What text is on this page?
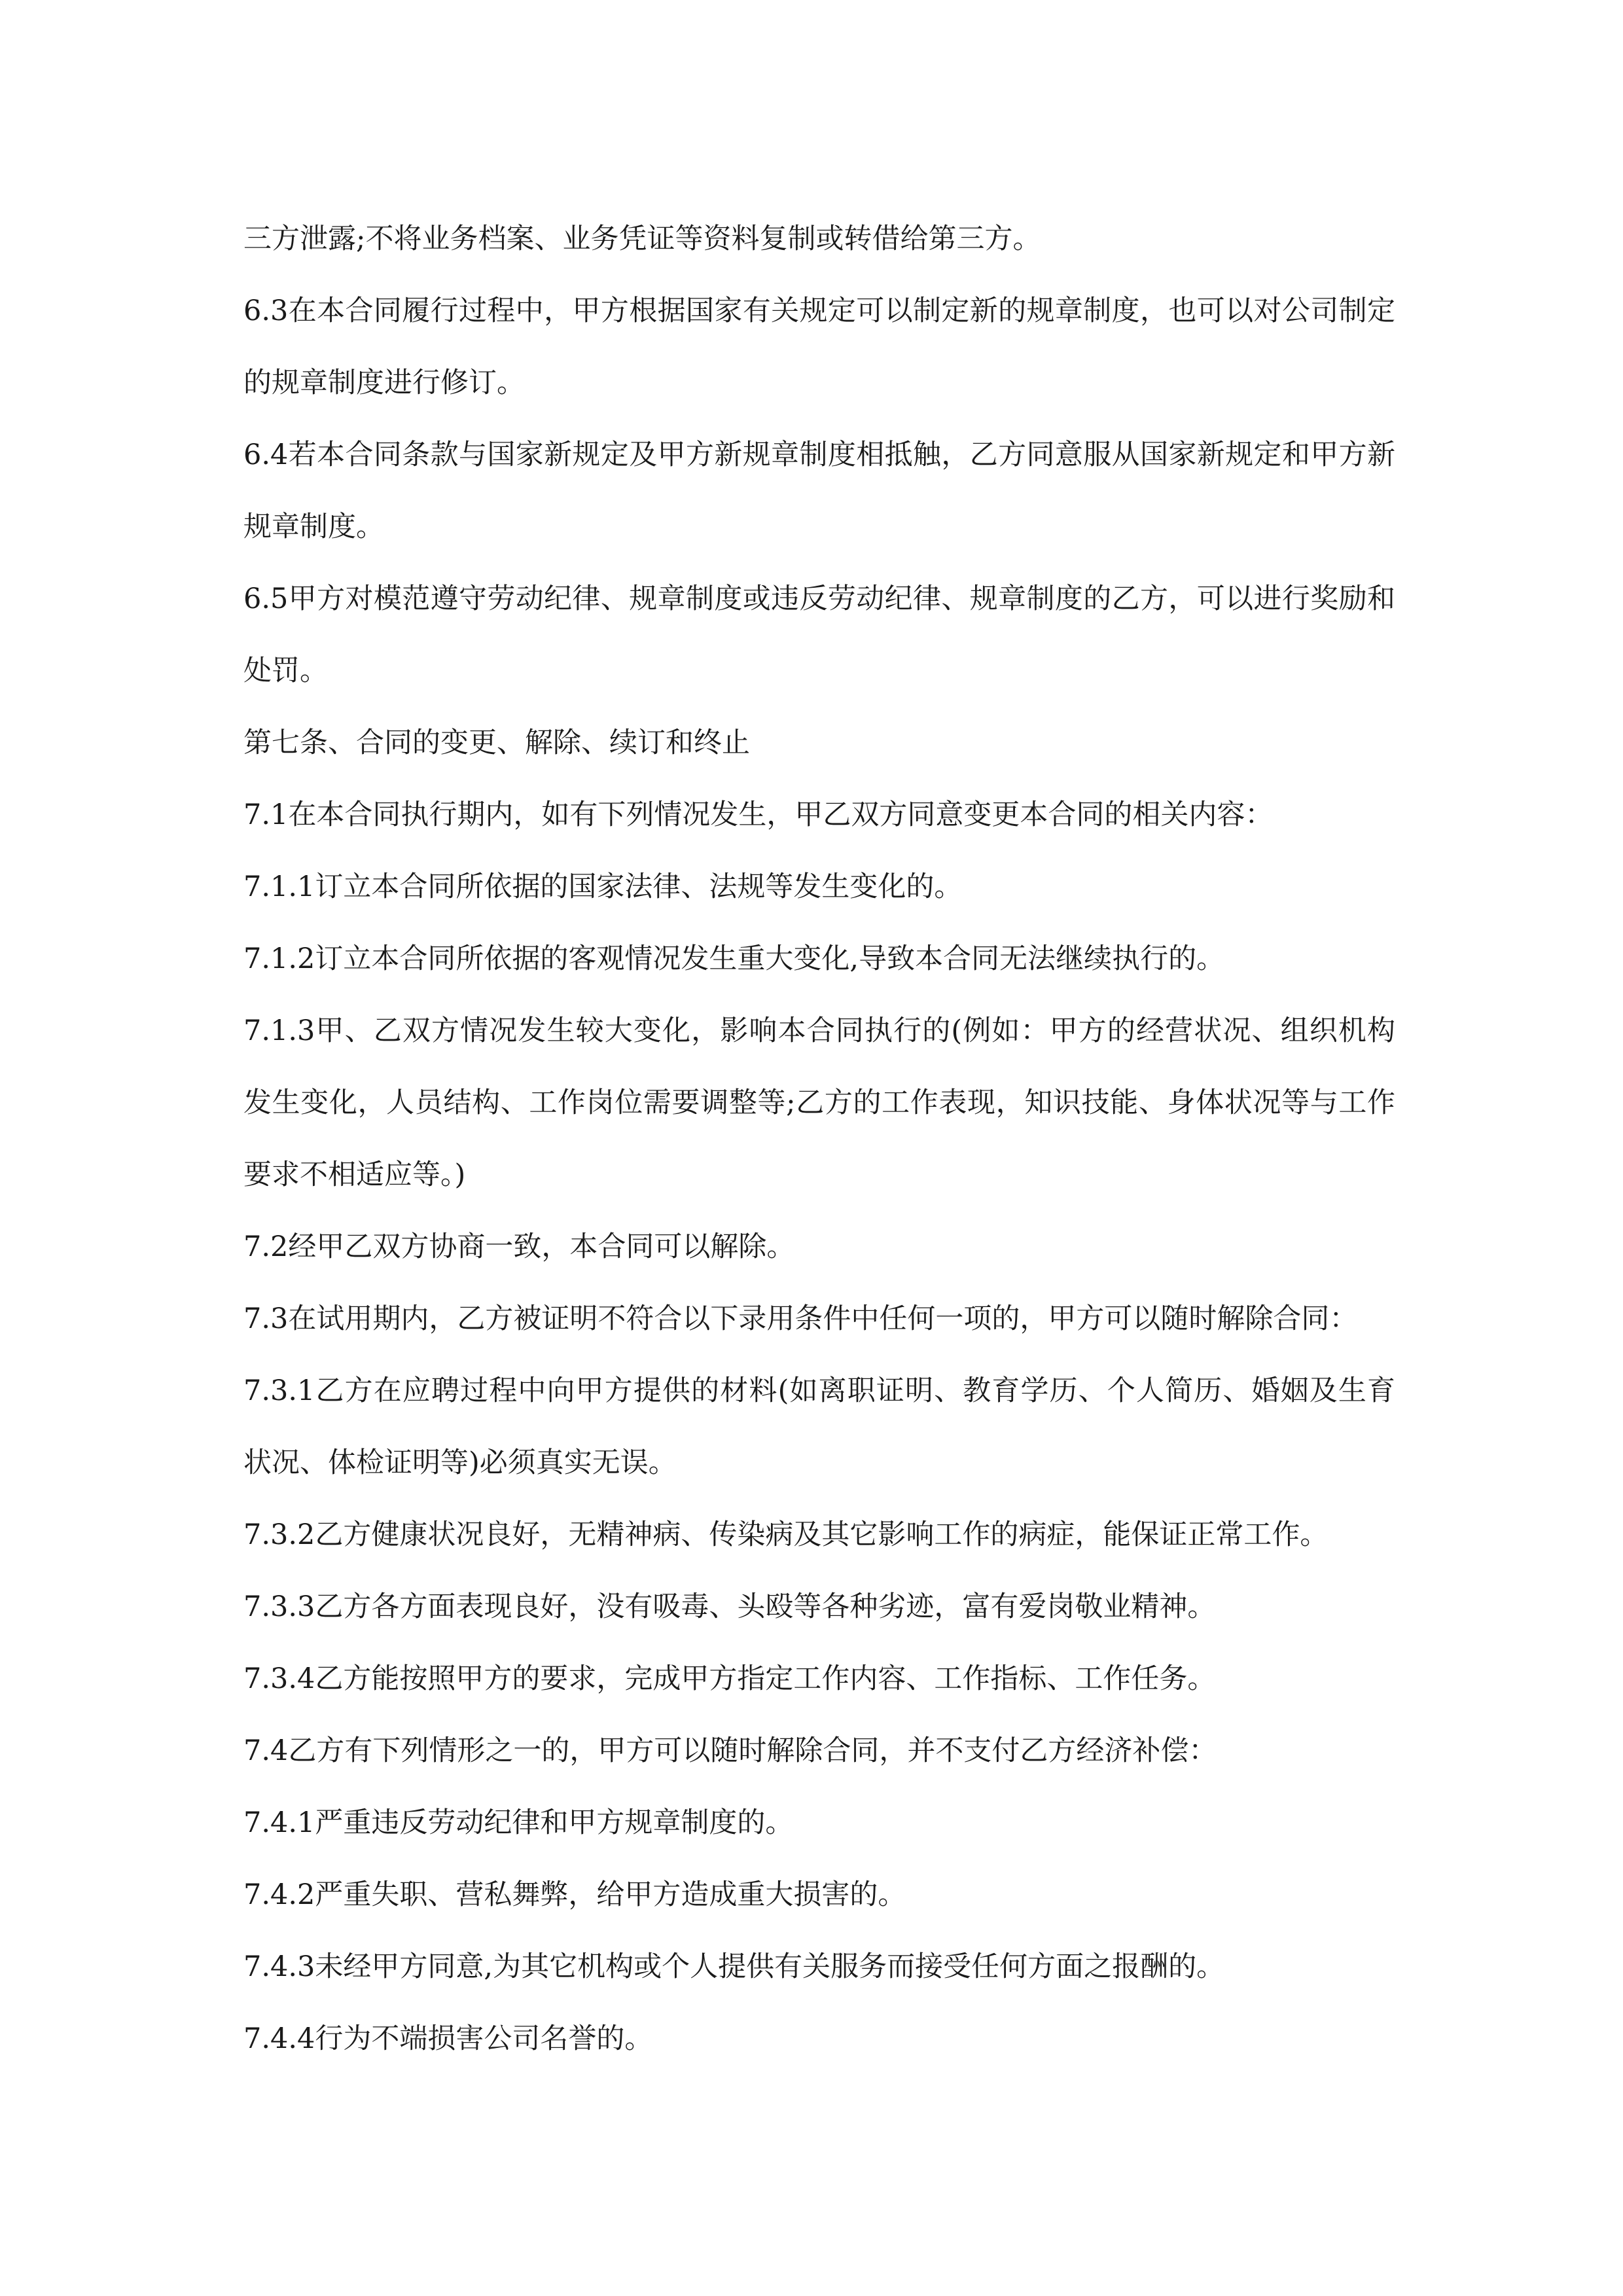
三方泄露;不将业务档案、业务凭证等资料复制或转借给第三方。

6.3在本合同履行过程中，甲方根据国家有关规定可以制定新的规章制度，也可以对公司制定的规章制度进行修订。

6.4若本合同条款与国家新规定及甲方新规章制度相抵触，乙方同意服从国家新规定和甲方新规章制度。

6.5甲方对模范遵守劳动纪律、规章制度或违反劳动纪律、规章制度的乙方，可以进行奖励和处罚。

第七条、合同的变更、解除、续订和终止

7.1在本合同执行期内，如有下列情况发生，甲乙双方同意变更本合同的相关内容：

7.1.1订立本合同所依据的国家法律、法规等发生变化的。

7.1.2订立本合同所依据的客观情况发生重大变化,导致本合同无法继续执行的。

7.1.3甲、乙双方情况发生较大变化，影响本合同执行的(例如：甲方的经营状况、组织机构发生变化，人员结构、工作岗位需要调整等;乙方的工作表现，知识技能、身体状况等与工作要求不相适应等。)

7.2经甲乙双方协商一致，本合同可以解除。

7.3在试用期内，乙方被证明不符合以下录用条件中任何一项的，甲方可以随时解除合同：

7.3.1乙方在应聘过程中向甲方提供的材料(如离职证明、教育学历、个人简历、婚姻及生育状况、体检证明等)必须真实无误。

7.3.2乙方健康状况良好，无精神病、传染病及其它影响工作的病症，能保证正常工作。

7.3.3乙方各方面表现良好，没有吸毒、头殴等各种劣迹，富有爱岗敬业精神。

7.3.4乙方能按照甲方的要求，完成甲方指定工作内容、工作指标、工作任务。

7.4乙方有下列情形之一的，甲方可以随时解除合同，并不支付乙方经济补偿：

7.4.1严重违反劳动纪律和甲方规章制度的。

7.4.2严重失职、营私舞弊，给甲方造成重大损害的。

7.4.3未经甲方同意,为其它机构或个人提供有关服务而接受任何方面之报酬的。

7.4.4行为不端损害公司名誉的。
